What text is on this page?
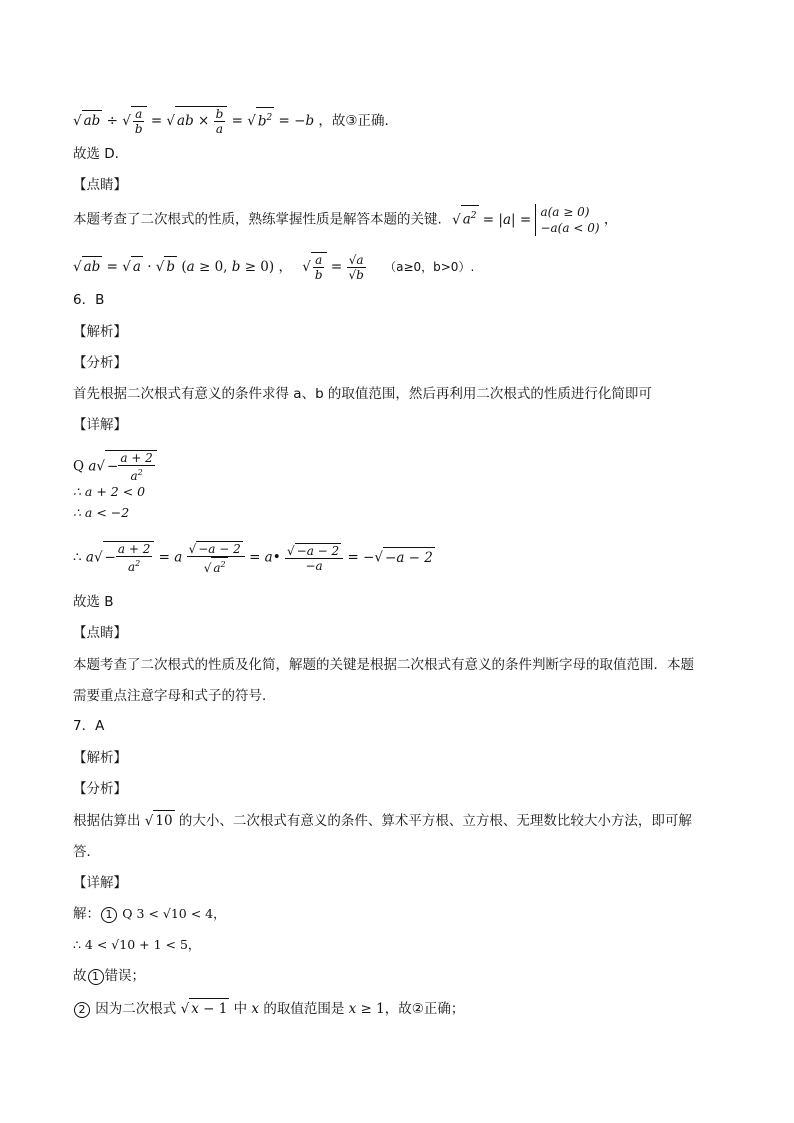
√ ab ÷ √ $\frac{a}{b}$ = √ ab × $\frac{b}{a}$ = √ $b^2 = -b$ ，故③正确.
故选 D.
【点睛】
本题考查了二次根式的性质，熟练掌握性质是解答本题的关键. √ $a^2 = |a| = a(a \ge 0)$
−a(a < 0)
，
√ ab = √ a · √ b (a ≥ 0, b ≥ 0) ， √ $\frac{a}{b} = \frac{√a}{√b} (a\ge 0$，b>0）.
6．B
【解析】
【分析】
首先根据二次根式有意义的条件求得 a、b 的取值范围，然后再利用二次根式的性质进行化简即可
【详解】
Q $a√ - \frac{a + 2}{a^2}$
∴ a + 2 < 0
∴ a < −2
∴ $a√ - \frac{a + 2}{a^2} = a \frac{√ -a - 2}{√ a^2}$ = a• $\frac{√ -a - 2}{-a}$ = −√ −a − 2
故选 B
【点睛】
本题考查了二次根式的性质及化简，解题的关键是根据二次根式有意义的条件判断字母的取值范围．本题
需要重点注意字母和式子的符号．
7．A
【解析】
【分析】
根据估算出 √ 10 的大小、二次根式有意义的条件、算术平方根、立方根、无理数比较大小方法，即可解
答．
【详解】
解： 1 Q 3 < √10 < 4，
∴ 4 < √10 + 1 < 5，
故 1 错误；
2 因为二次根式 √ x − 1 中 x 的取值范围是 x ≥ 1，故②正确；
